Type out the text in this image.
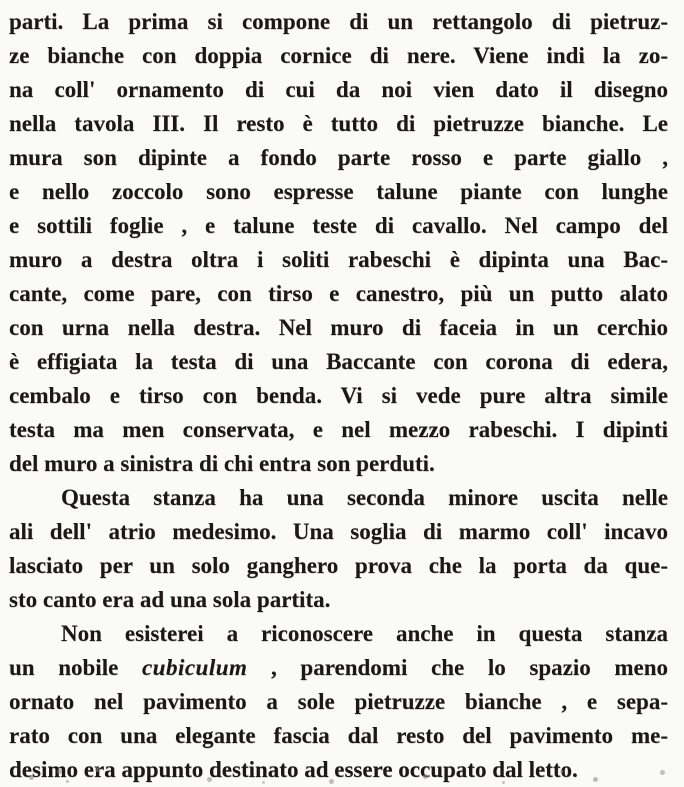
parti. La prima si compone di un rettangolo di pietruz-
ze bianche con doppia cornice di nere. Viene indi la zo-
na coll' ornamento di cui da noi vien dato il disegno
nella tavola III. Il resto è tutto di pietruzze bianche. Le
mura son dipinte a fondo parte rosso e parte giallo ,
e nello zoccolo sono espresse talune piante con lunghe
e sottili foglie , e talune teste di cavallo. Nel campo del
muro a destra oltra i soliti rabeschi è dipinta una Bac-
cante, come pare, con tirso e canestro, più un putto alato
con urna nella destra. Nel muro di faceia in un cerchio
è effigiata la testa di una Baccante con corona di edera,
cembalo e tirso con benda. Vi si vede pure altra simile
testa ma men conservata, e nel mezzo rabeschi. I dipinti
del muro a sinistra di chi entra son perduti.
Questa stanza ha una seconda minore uscita nelle
ali dell' atrio medesimo. Una soglia di marmo coll' incavo
lasciato per un solo ganghero prova che la porta da que-
sto canto era ad una sola partita.
Non esisterei a riconoscere anche in questa stanza
un nobile cubiculum , parendomi che lo spazio meno
ornato nel pavimento a sole pietruzze bianche , e sepa-
rato con una elegante fascia dal resto del pavimento me-
desimo era appunto destinato ad essere occupato dal letto.
